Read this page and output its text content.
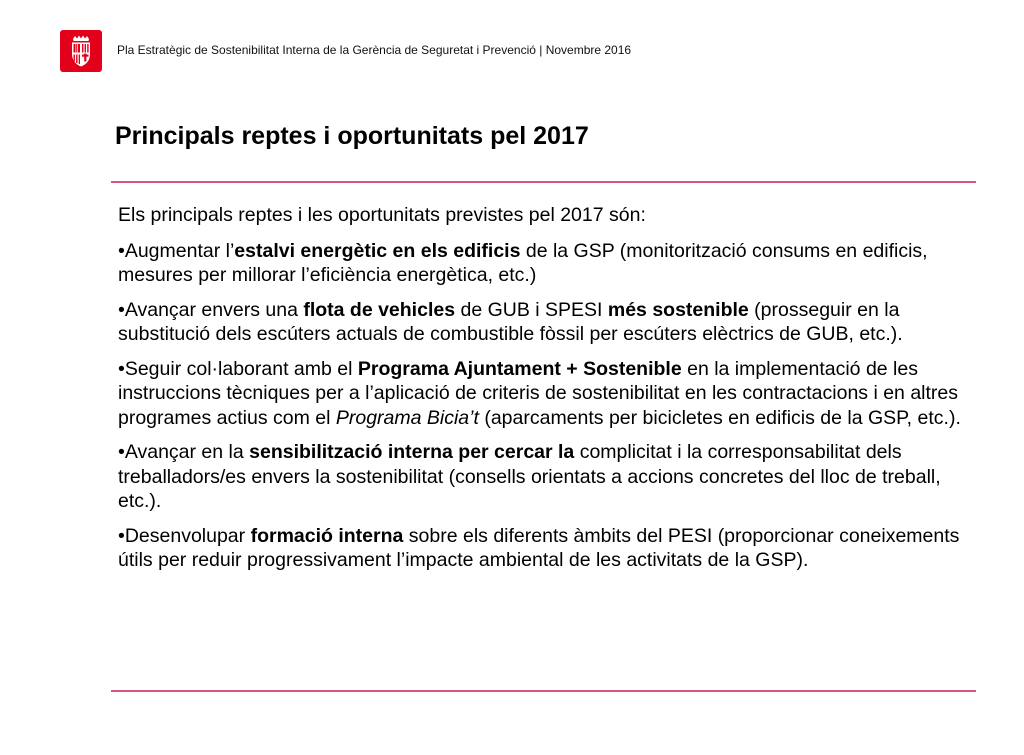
Pla Estratègic de Sostenibilitat Interna de la Gerència de Seguretat i Prevenció | Novembre 2016
Principals reptes i oportunitats pel 2017

Els principals reptes i les oportunitats previstes pel 2017 són:

•Augmentar l’estalvi energètic en els edificis de la GSP (monitorització consums en edificis, mesures per millorar l’eficiència energètica, etc.)

•Avançar envers una flota de vehicles de GUB i SPESI més sostenible (prosseguir en la substitució dels escúters actuals de combustible fòssil per escúters elèctrics de GUB, etc.).

•Seguir col·laborant amb el Programa Ajuntament + Sostenible en la implementació de les instruccions tècniques per a l’aplicació de criteris de sostenibilitat en les contractacions i en altres programes actius com el Programa Bicia’t (aparcaments per bicicletes en edificis de la GSP, etc.).

•Avançar en la sensibilització interna per cercar la complicitat i la corresponsabilitat dels treballadors/es envers la sostenibilitat (consells orientats a accions concretes del lloc de treball, etc.).

•Desenvolupar formació interna sobre els diferents àmbits del PESI (proporcionar coneixements útils per reduir progressivament l’impacte ambiental de les activitats de la GSP).
